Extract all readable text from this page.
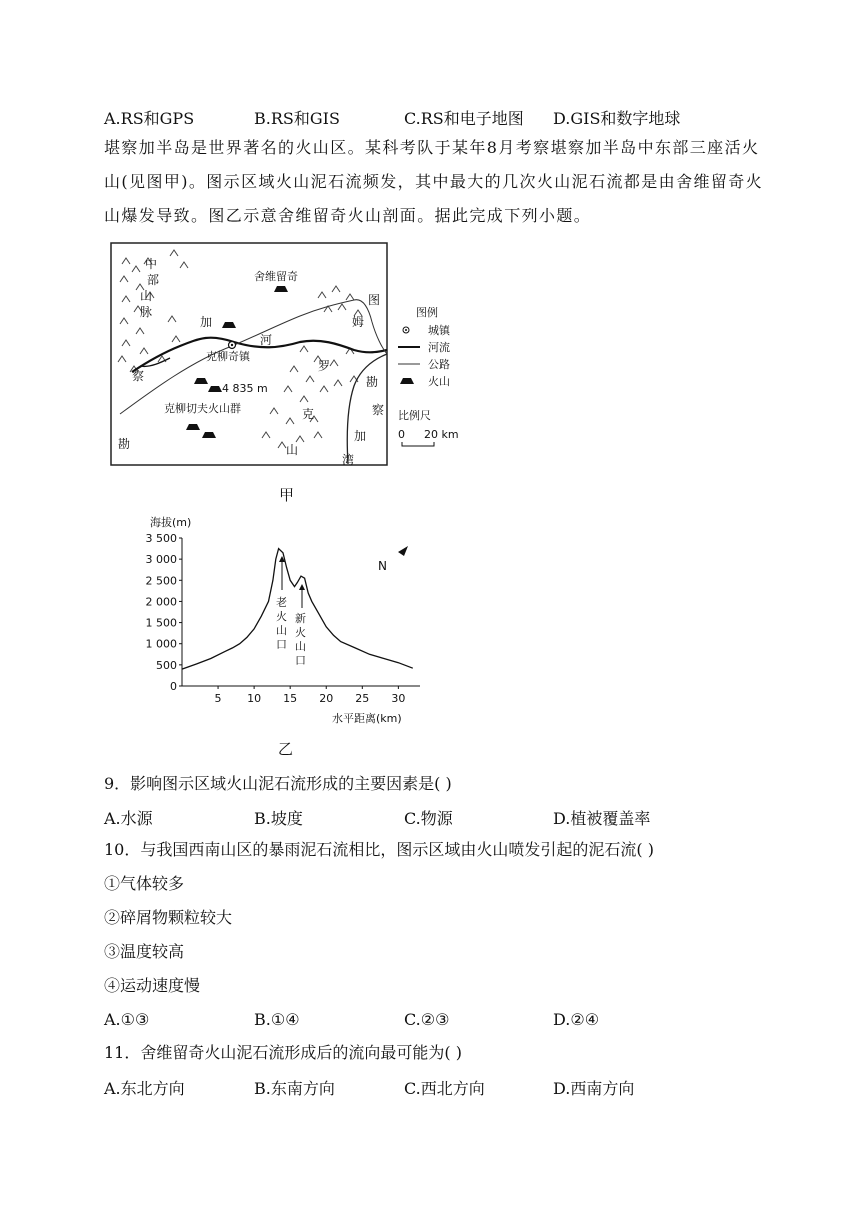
A.RS和GPS	B.RS和GIS	C.RS和电子地图 D.GIS和数字地球
堪察加半岛是世界著名的火山区。某科考队于某年8月考察堪察加半岛中东部三座活火山(见图甲)。图示区域火山泥石流频发，其中最大的几次火山泥石流都是由舍维留奇火山爆发导致。图乙示意舍维留奇火山剖面。据此完成下列小题。
中
部
山
脉
察
勘
加
河
舍维留奇
克柳奇镇
4 835 m
克柳切夫火山群
图
姆
罗
克
山
勘
察
加
湾
图例
城镇
河流
公路
火山
比例尺
0 20 km
甲
海拔(m)
水平距离(km)
N
老
火
山
口
新
火
山
口
0
500
1 000
1 500
2 000
2 500
3 000
3 500
5 10 15 20 25 30
乙
9．影响图示区域火山泥石流形成的主要因素是( )
A.水源	B.坡度	C.物源	D.植被覆盖率
10．与我国西南山区的暴雨泥石流相比，图示区域由火山喷发引起的泥石流( )
①气体较多
②碎屑物颗粒较大
③温度较高
④运动速度慢
A.①③	B.①④	C.②③	D.②④
11．舍维留奇火山泥石流形成后的流向最可能为( )
A.东北方向	B.东南方向	C.西北方向	D.西南方向
